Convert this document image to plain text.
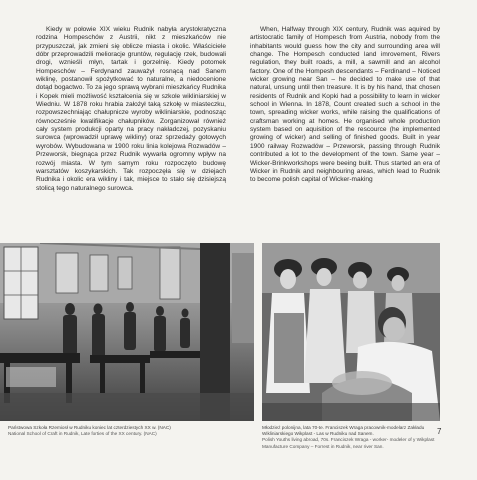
Kiedy w połowie XIX wieku Rudnik nabyła arystokratyczna rodzina Hompeschów z Austrii, nikt z mieszkańców nie przypuszczał, jak zmieni się oblicze miasta i okolic. Właściciele dóbr przeprowadzili melioracje gruntów, regulację rzek, budowali drogi, wznieśli młyn, tartak i gorzelnię. Kiedy potomek Hompeschów – Ferdynand zauważył rosnącą nad Sanem wiklinę, postanowił spożytkować to naturalne, a niedocenione dotąd bogactwo. To za jego sprawą wybrani mieszkańcy Rudnika i Kopek mieli możliwość kształcenia się w szkole wikliniarskiej w Wiedniu. W 1878 roku hrabia założył taką szkołę w miasteczku, rozpowszechniając chałupnicze wyroby wikliniarskie, podnosząc równocześnie kwalifikacje chałupników. Zorganizował również cały system produkcji oparty na pracy nakładczej, pozyskaniu surowca (wprowadził uprawę wikliny) oraz sprzedaży gotowych wyrobów. Wybudowana w 1900 roku linia kolejowa Rozwadów – Przeworsk, biegnąca przez Rudnik wywarła ogromny wpływ na rozwój miasta. W tym samym roku rozpoczęto budowę warsztatów koszykarskich. Tak rozpoczęła się w dziejach Rudnika i okolic era wikliny i tak, miejsce to stało się dzisiejszą stolicą tego naturalnego surowca.
When, Halfway through XIX century, Rudnik was aquired by artistocratic family of Hompesch from Austria, nobody from the inhabitants would guess how the city and surrounding area will change. The Hompesch conducted land imrovement, Rivers regulation, they built roads, a mill, a sawmill and an alcohol factory. One of the Hompesh descendants – Ferdinand – Noticed wicker growing near San – he decided to make use of that natural, unsung until then treasure. It is by his hand, that chosen residents of Rudnik and Kopki had a possibility to learn in wicker school in Wienna. In 1878, Count created such a school in the town, spreading wicker works, while raising the qualifications of craftsman working at homes. He organised whole production system based on aquisition of the rescource (he implemented growing of wicker) and selling of finished goods. Built in year 1900 railway Rozwadów – Przeworsk, passing through Rudnik contributed a lot to the development of the town. Same year – Wicker-Brinkworkshops were beeing built. Thus started an era of Wicker in Rudnik and neighbouring areas, which lead to Rudnik to become polish capital of Wicker-making
Państwowa Szkoła Rzemiosł w Rudniku koniec lat czterdziestych XX w. (NAC)
National School of Craft in Rudnik, Late forties of the XX century. (NAC)
Młodzież polonijna, lata 70-te. Franciszek Wraga pracownik-modelarz Zakładu Wikliniarskiego Wikplast - Las w Rudniku nad Sanem.
Polish Youths living abroad, 70s. Franciszek Wraga - worker- modeler of y Wikplast Manufacture Company – Forrest in Rudnik, near river San.
7
